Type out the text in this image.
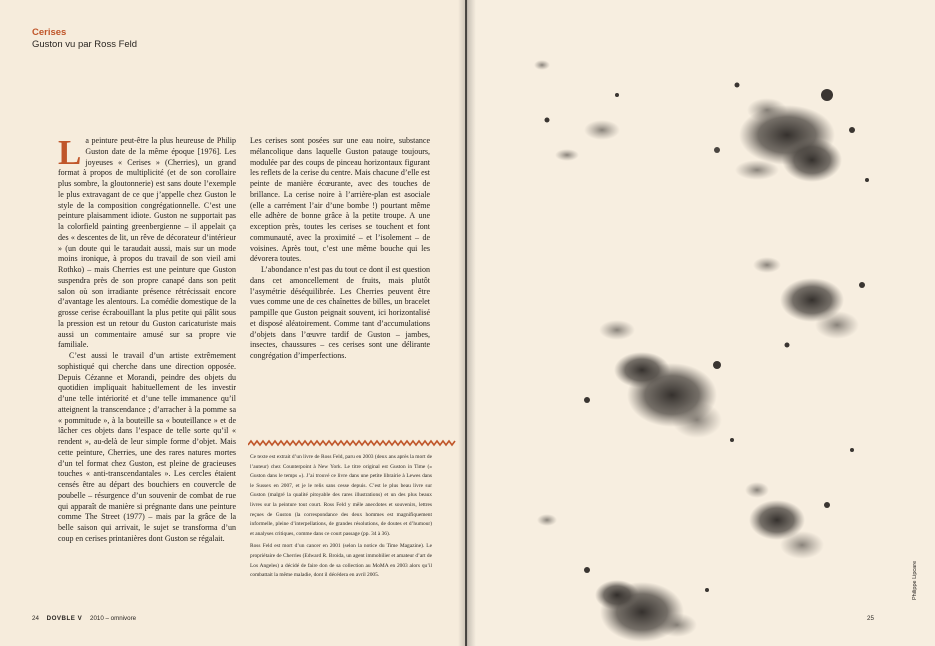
Cerises
Guston vu par Ross Feld

La peinture peut-être la plus heureuse de Philip Guston date de la même époque [1976]. Les joyeuses « Cerises » (Cherries), un grand format à propos de multiplicité (et de son corollaire plus sombre, la gloutonnerie) est sans doute l’exemple le plus extravagant de ce que j’appelle chez Guston le style de la composition congrégationnelle. C’est une peinture plaisamment idiote. Guston ne supportait pas la colorfield painting greenbergienne – il appelait ça des « descentes de lit, un rêve de décorateur d’intérieur » (un doute qui le taraudait aussi, mais sur un mode moins ironique, à propos du travail de son vieil ami Rothko) – mais Cherries est une peinture que Guston suspendra près de son propre canapé dans son petit salon où son irradiante présence rétrécissait encore d’avantage les alentours. La comédie domestique de la grosse cerise écrabouillant la plus petite qui pâlit sous la pression est un retour du Guston caricaturiste mais aussi un commentaire amusé sur sa propre vie familiale.

C’est aussi le travail d’un artiste extrêmement sophistiqué qui cherche dans une direction opposée. Depuis Cézanne et Morandi, peindre des objets du quotidien impliquait habituellement de les investir d’une telle intériorité et d’une telle immanence qu’il atteignent la transcendance ; d’arracher à la pomme sa « pommitude », à la bouteille sa « bouteillance » et de lâcher ces objets dans l’espace de telle sorte qu’il « rendent », au-delà de leur simple forme d’objet. Mais cette peinture, Cherries, une des rares natures mortes d’un tel format chez Guston, est pleine de gracieuses touches « anti-transcendantales ». Les cercles étaient censés être au départ des bouchiers en couvercle de poubelle – résurgence d’un souvenir de combat de rue qui apparaît de manière si prégnante dans une peinture comme The Street (1977) – mais par la grâce de la belle saison qui arrivait, le sujet se transforma d’un coup en cerises printanières dont Guston se régalait.

Les cerises sont posées sur une eau noire, substance mélancolique dans laquelle Guston patauge toujours, modulée par des coups de pinceau horizontaux figurant les reflets de la cerise du centre. Mais chacune d’elle est peinte de manière écœurante, avec des touches de brillance. La cerise noire à l’arrière-plan est asociale (elle a carrément l’air d’une bombe !) pourtant même elle adhère de bonne grâce à la petite troupe. A une exception près, toutes les cerises se touchent et font communauté, avec la proximité – et l’isolement – de voisines. Après tout, c’est une même bouche qui les dévorera toutes.

L’abondance n’est pas du tout ce dont il est question dans cet amoncellement de fruits, mais plutôt l’asymétrie déséquilibrée. Les Cherries peuvent être vues comme une de ces chaînettes de billes, un bracelet pampille que Guston peignait souvent, ici horizontalisé et disposé aléatoirement. Comme tant d’accumulations d’objets dans l’œuvre tardif de Guston – jambes, insectes, chaussures – ces cerises sont une délirante congrégation d’imperfections.

Ce texte est extrait d’un livre de Ross Feld, paru en 2003 (deux ans après la mort de l’auteur) chez Counterpoint à New York. Le titre original est Guston in Time (« Guston dans le temps »). J’ai trouvé ce livre dans une petite librairie à Lewes dans le Sussex en 2007, et je le relis sans cesse depuis. C’est le plus beau livre sur Guston (malgré la qualité pitoyable des rares illustrations) et un des plus beaux livres sur la peinture tout court. Ross Feld y mêle anecdotes et souvenirs, lettres reçues de Guston (la correspondance des deux hommes est magnifiquement informelle, pleine d’interpellations, de grandes résolutions, de doutes et d’humour) et analyses critiques, comme dans ce court passage (pp. 34 à 36).

Ross Feld est mort d’un cancer en 2001 (selon la notice du Time Magazine). Le propriétaire de Cherries (Edward R. Broida, un agent immobilier et amateur d’art de Los Angeles) a décidé de faire don de sa collection au MoMA en 2003 alors qu’il combattait la même maladie, dont il décédera en avril 2005.

24 DOVBLE V 2010 – omnivore	25
Philippe Lipcare
